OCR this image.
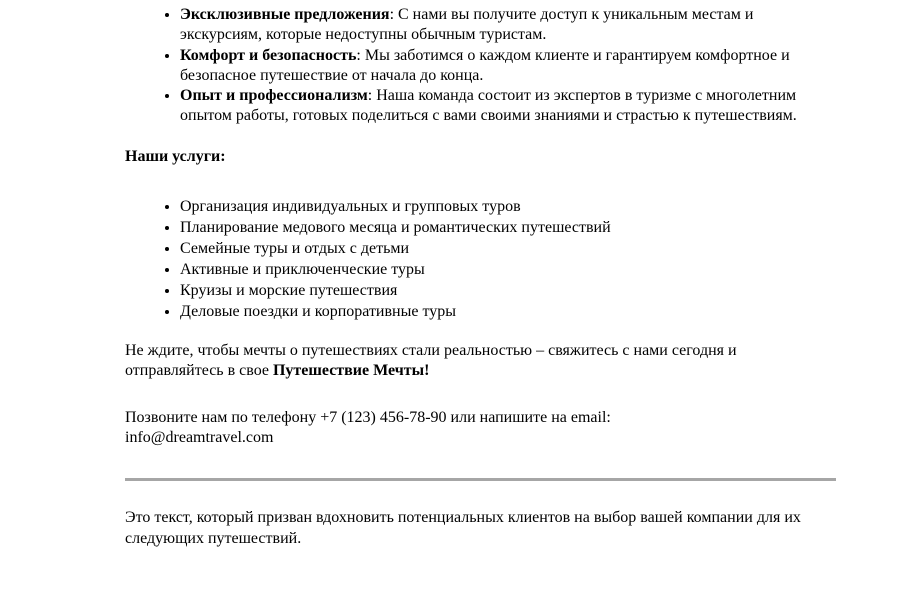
• Эксклюзивные предложения: С нами вы получите доступ к уникальным местам и экскурсиям, которые недоступны обычным туристам.
• Комфорт и безопасность: Мы заботимся о каждом клиенте и гарантируем комфортное и безопасное путешествие от начала до конца.
• Опыт и профессионализм: Наша команда состоит из экспертов в туризме с многолетним опытом работы, готовых поделиться с вами своими знаниями и страстью к путешествиям.

Наши услуги:

• Организация индивидуальных и групповых туров
• Планирование медового месяца и романтических путешествий
• Семейные туры и отдых с детьми
• Активные и приключенческие туры
• Круизы и морские путешествия
• Деловые поездки и корпоративные туры

Не ждите, чтобы мечты о путешествиях стали реальностью – свяжитесь с нами сегодня и отправляйтесь в свое Путешествие Мечты!

Позвоните нам по телефону +7 (123) 456-78-90 или напишите на email:
info@dreamtravel.com

Это текст, который призван вдохновить потенциальных клиентов на выбор вашей компании для их следующих путешествий.
